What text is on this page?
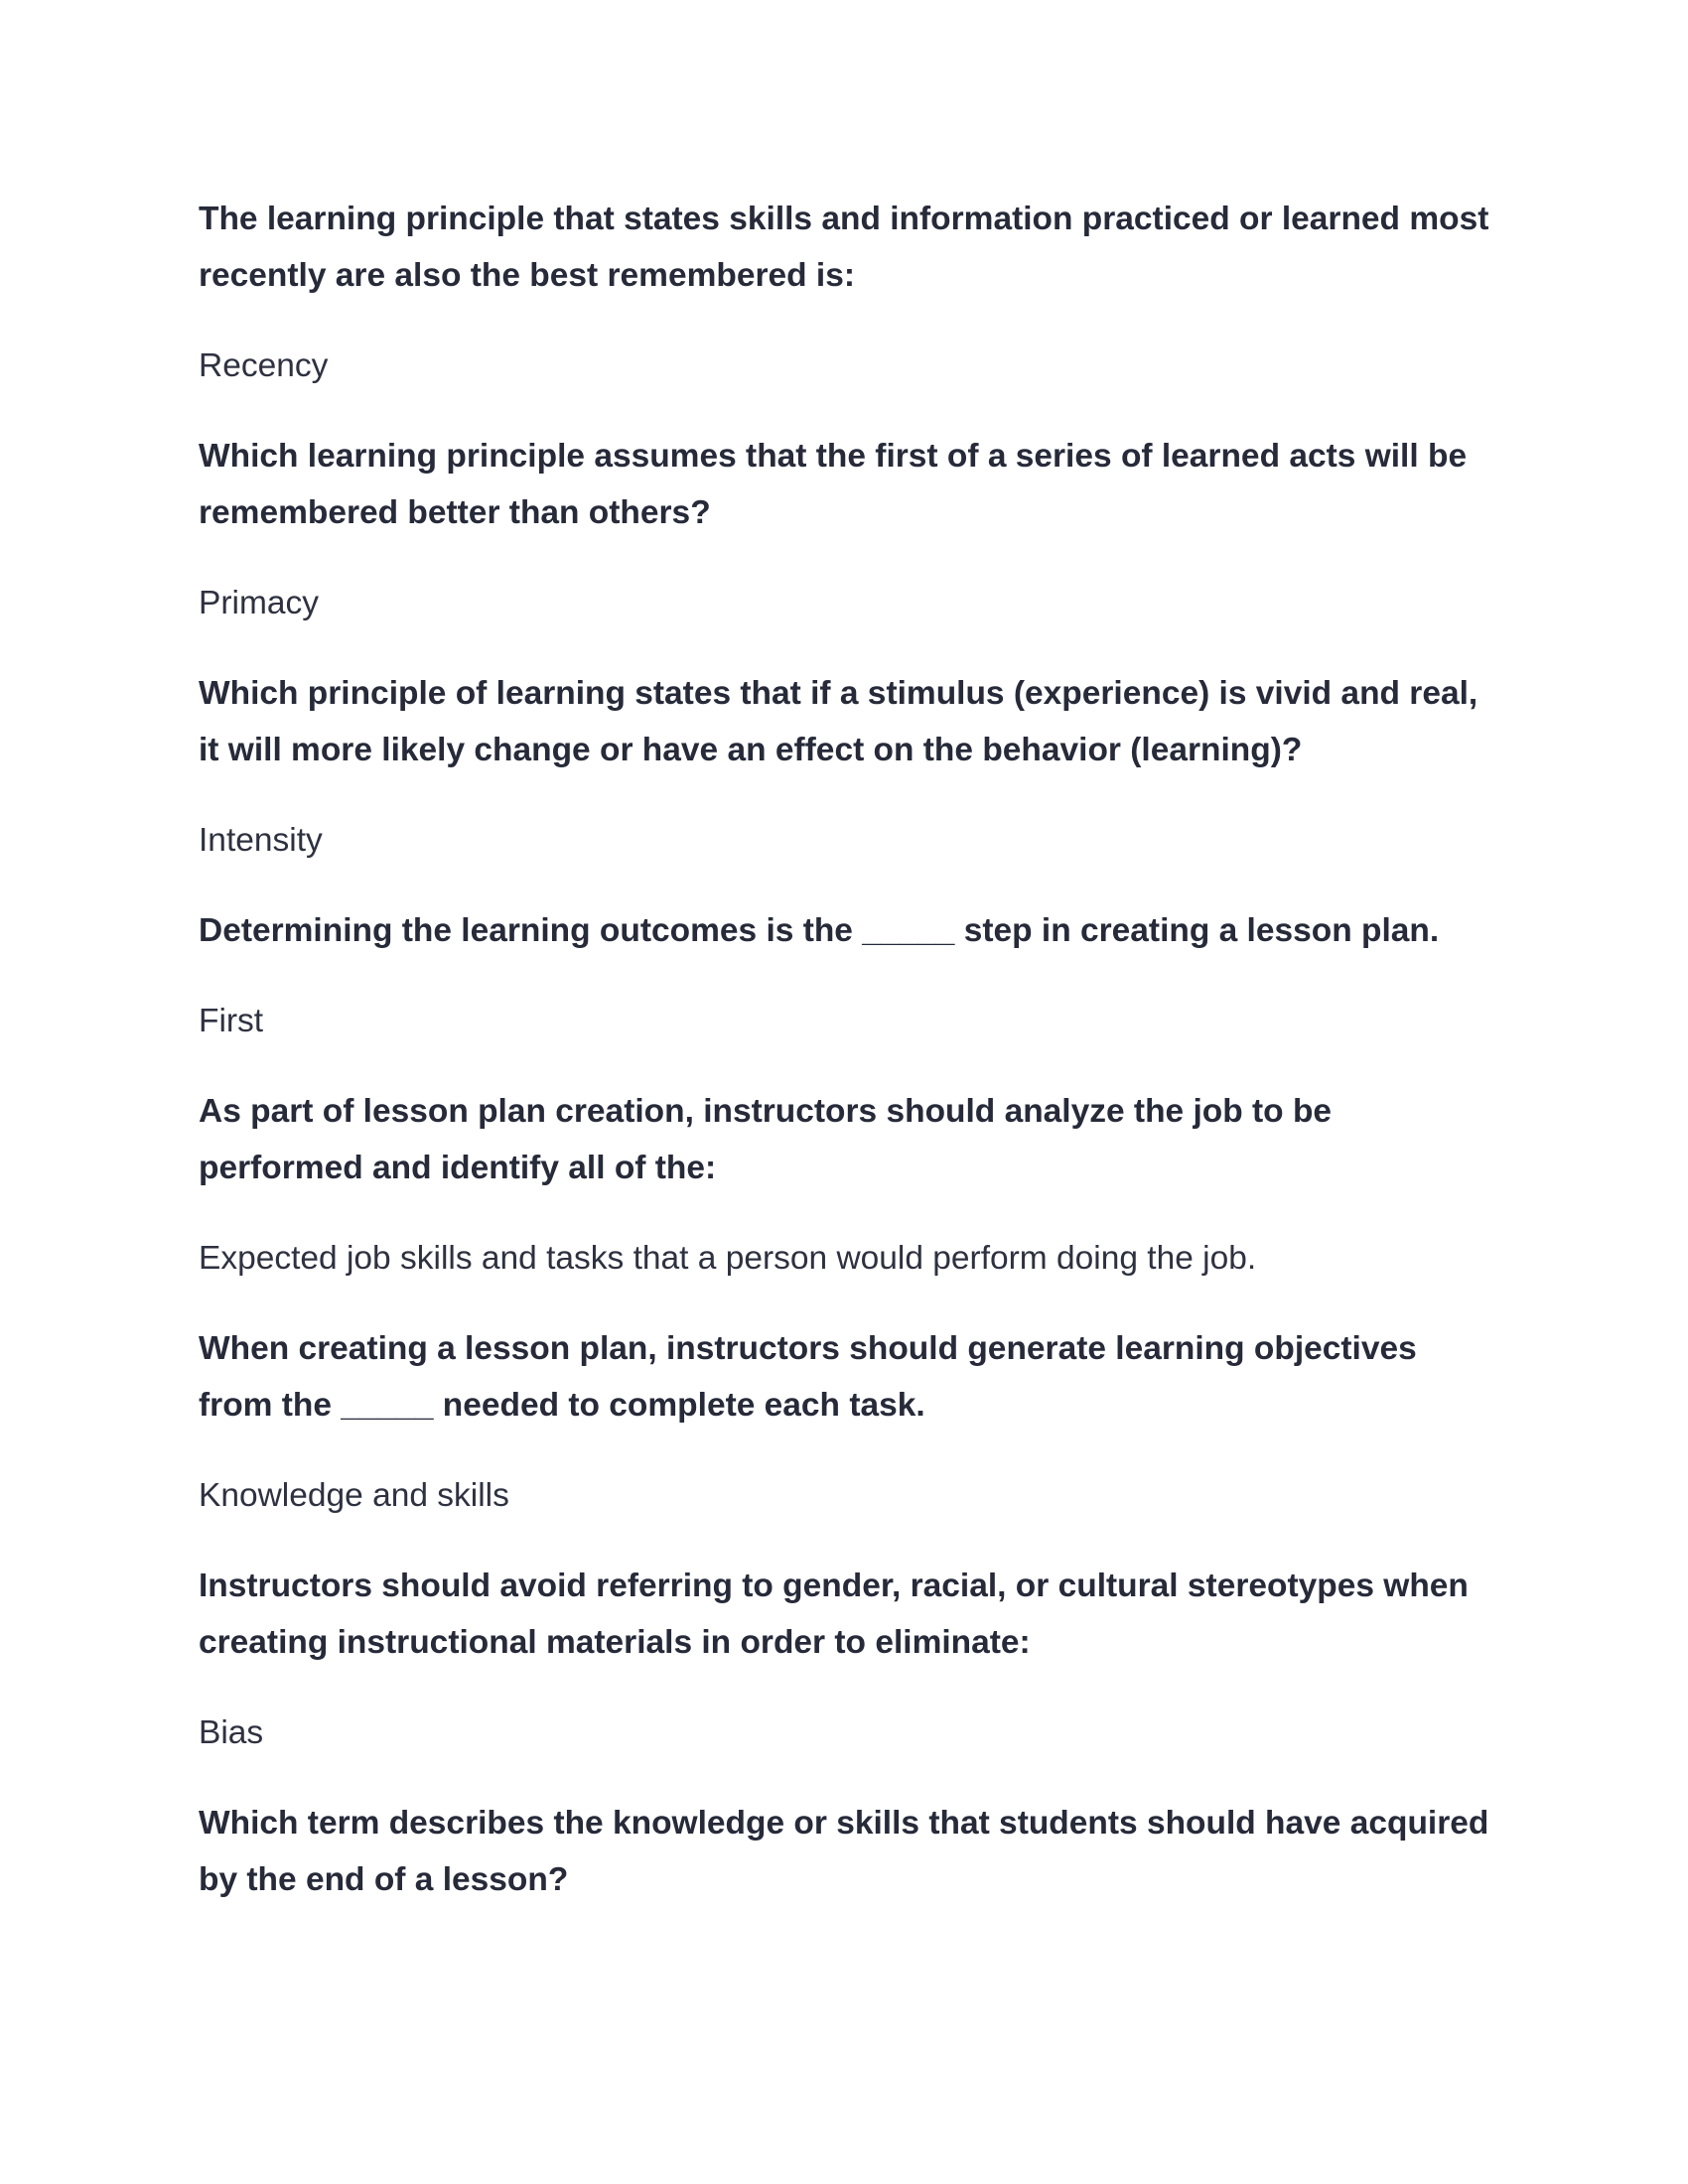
The learning principle that states skills and information practiced or learned most recently are also the best remembered is:

Recency

Which learning principle assumes that the first of a series of learned acts will be remembered better than others?

Primacy

Which principle of learning states that if a stimulus (experience) is vivid and real, it will more likely change or have an effect on the behavior (learning)?

Intensity

Determining the learning outcomes is the _____ step in creating a lesson plan.

First

As part of lesson plan creation, instructors should analyze the job to be performed and identify all of the:

Expected job skills and tasks that a person would perform doing the job.

When creating a lesson plan, instructors should generate learning objectives from the _____ needed to complete each task.

Knowledge and skills

Instructors should avoid referring to gender, racial, or cultural stereotypes when creating instructional materials in order to eliminate:

Bias

Which term describes the knowledge or skills that students should have acquired by the end of a lesson?
